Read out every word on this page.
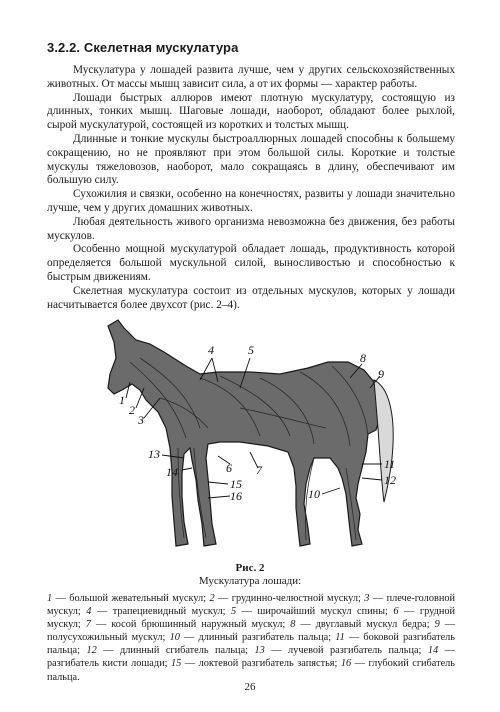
3.2.2. Скелетная мускулатура

Мускулатура у лошадей развита лучше, чем у других сельскохозяйственных животных. От массы мышц зависит сила, а от их формы — характер работы.

Лошади быстрых аллюров имеют плотную мускулатуру, состоящую из длинных, тонких мышц. Шаговые лошади, наоборот, обладают более рыхлой, сырой мускулатурой, состоящей из коротких и толстых мышц.

Длинные и тонкие мускулы быстроаллюрных лошадей способны к большему сокращению, но не проявляют при этом большой силы. Короткие и толстые мускулы тяжеловозов, наоборот, мало сокращаясь в длину, обеспечивают им большую силу.

Сухожилия и связки, особенно на конечностях, развиты у лошади значительно лучше, чем у других домашних животных.

Любая деятельность живого организма невозможна без движения, без работы мускулов.

Особенно мощной мускулатурой обладает лошадь, продуктивность которой определяется большой мускульной силой, выносливостью и способностью к быстрым движениям.

Скелетная мускулатура состоит из отдельных мускулов, которых у лошади насчитывается более двухсот (рис. 2–4).

1
2
3
4	5
6 7
8
9
10
11
12
13
14
15
16
Рис. 2
Мускулатура лошади:
1 — большой жевательный мускул; 2 — грудинно-челюстной мускул; 3 — плече-головной мускул; 4 — трапециевидный мускул; 5 — широчайший мускул спины; 6 — грудной мускул; 7 — косой брюшинный наружный мускул; 8 — двуглавый мускул бедра; 9 — полусухожильный мускул; 10 — длинный разгибатель пальца; 11 — боковой разгибатель пальца; 12 — длинный сгибатель пальца; 13 — лучевой разгибатель пальца; 14 — разгибатель кисти лошади; 15 — локтевой разгибатель запястья; 16 — глубокий сгибатель пальца.
26
